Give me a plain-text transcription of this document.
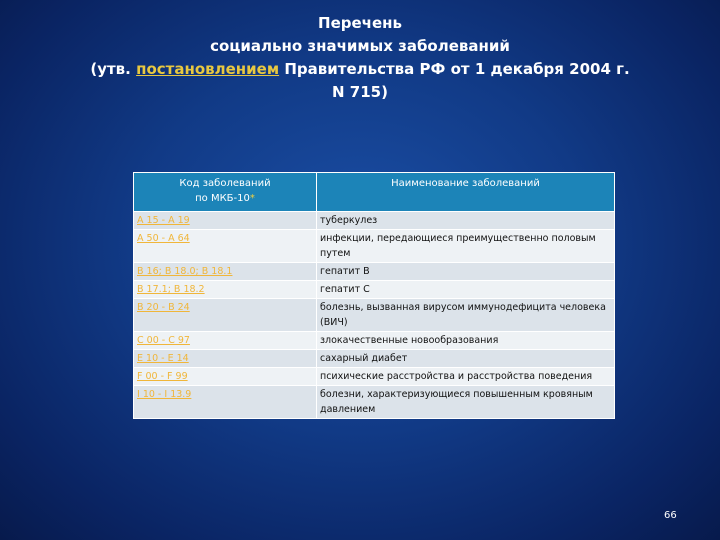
Перечень
социально значимых заболеваний
(утв. постановлением Правительства РФ от 1 декабря 2004 г.
N 715)
Код заболеваний
по МКБ-10*	Наименование заболеваний
А 15 - А 19	туберкулез
А 50 - А 64	инфекции, передающиеся преимущественно половым путем
В 16; В 18.0; В 18.1	гепатит В
В 17.1; В 18.2	гепатит С
В 20 - В 24	болезнь, вызванная вирусом иммунодефицита человека (ВИЧ)
С 00 - С 97	злокачественные новообразования
Е 10 - Е 14	сахарный диабет
F 00 - F 99	психические расстройства и расстройства поведения
I 10 - I 13.9	болезни, характеризующиеся повышенным кровяным давлением
66
